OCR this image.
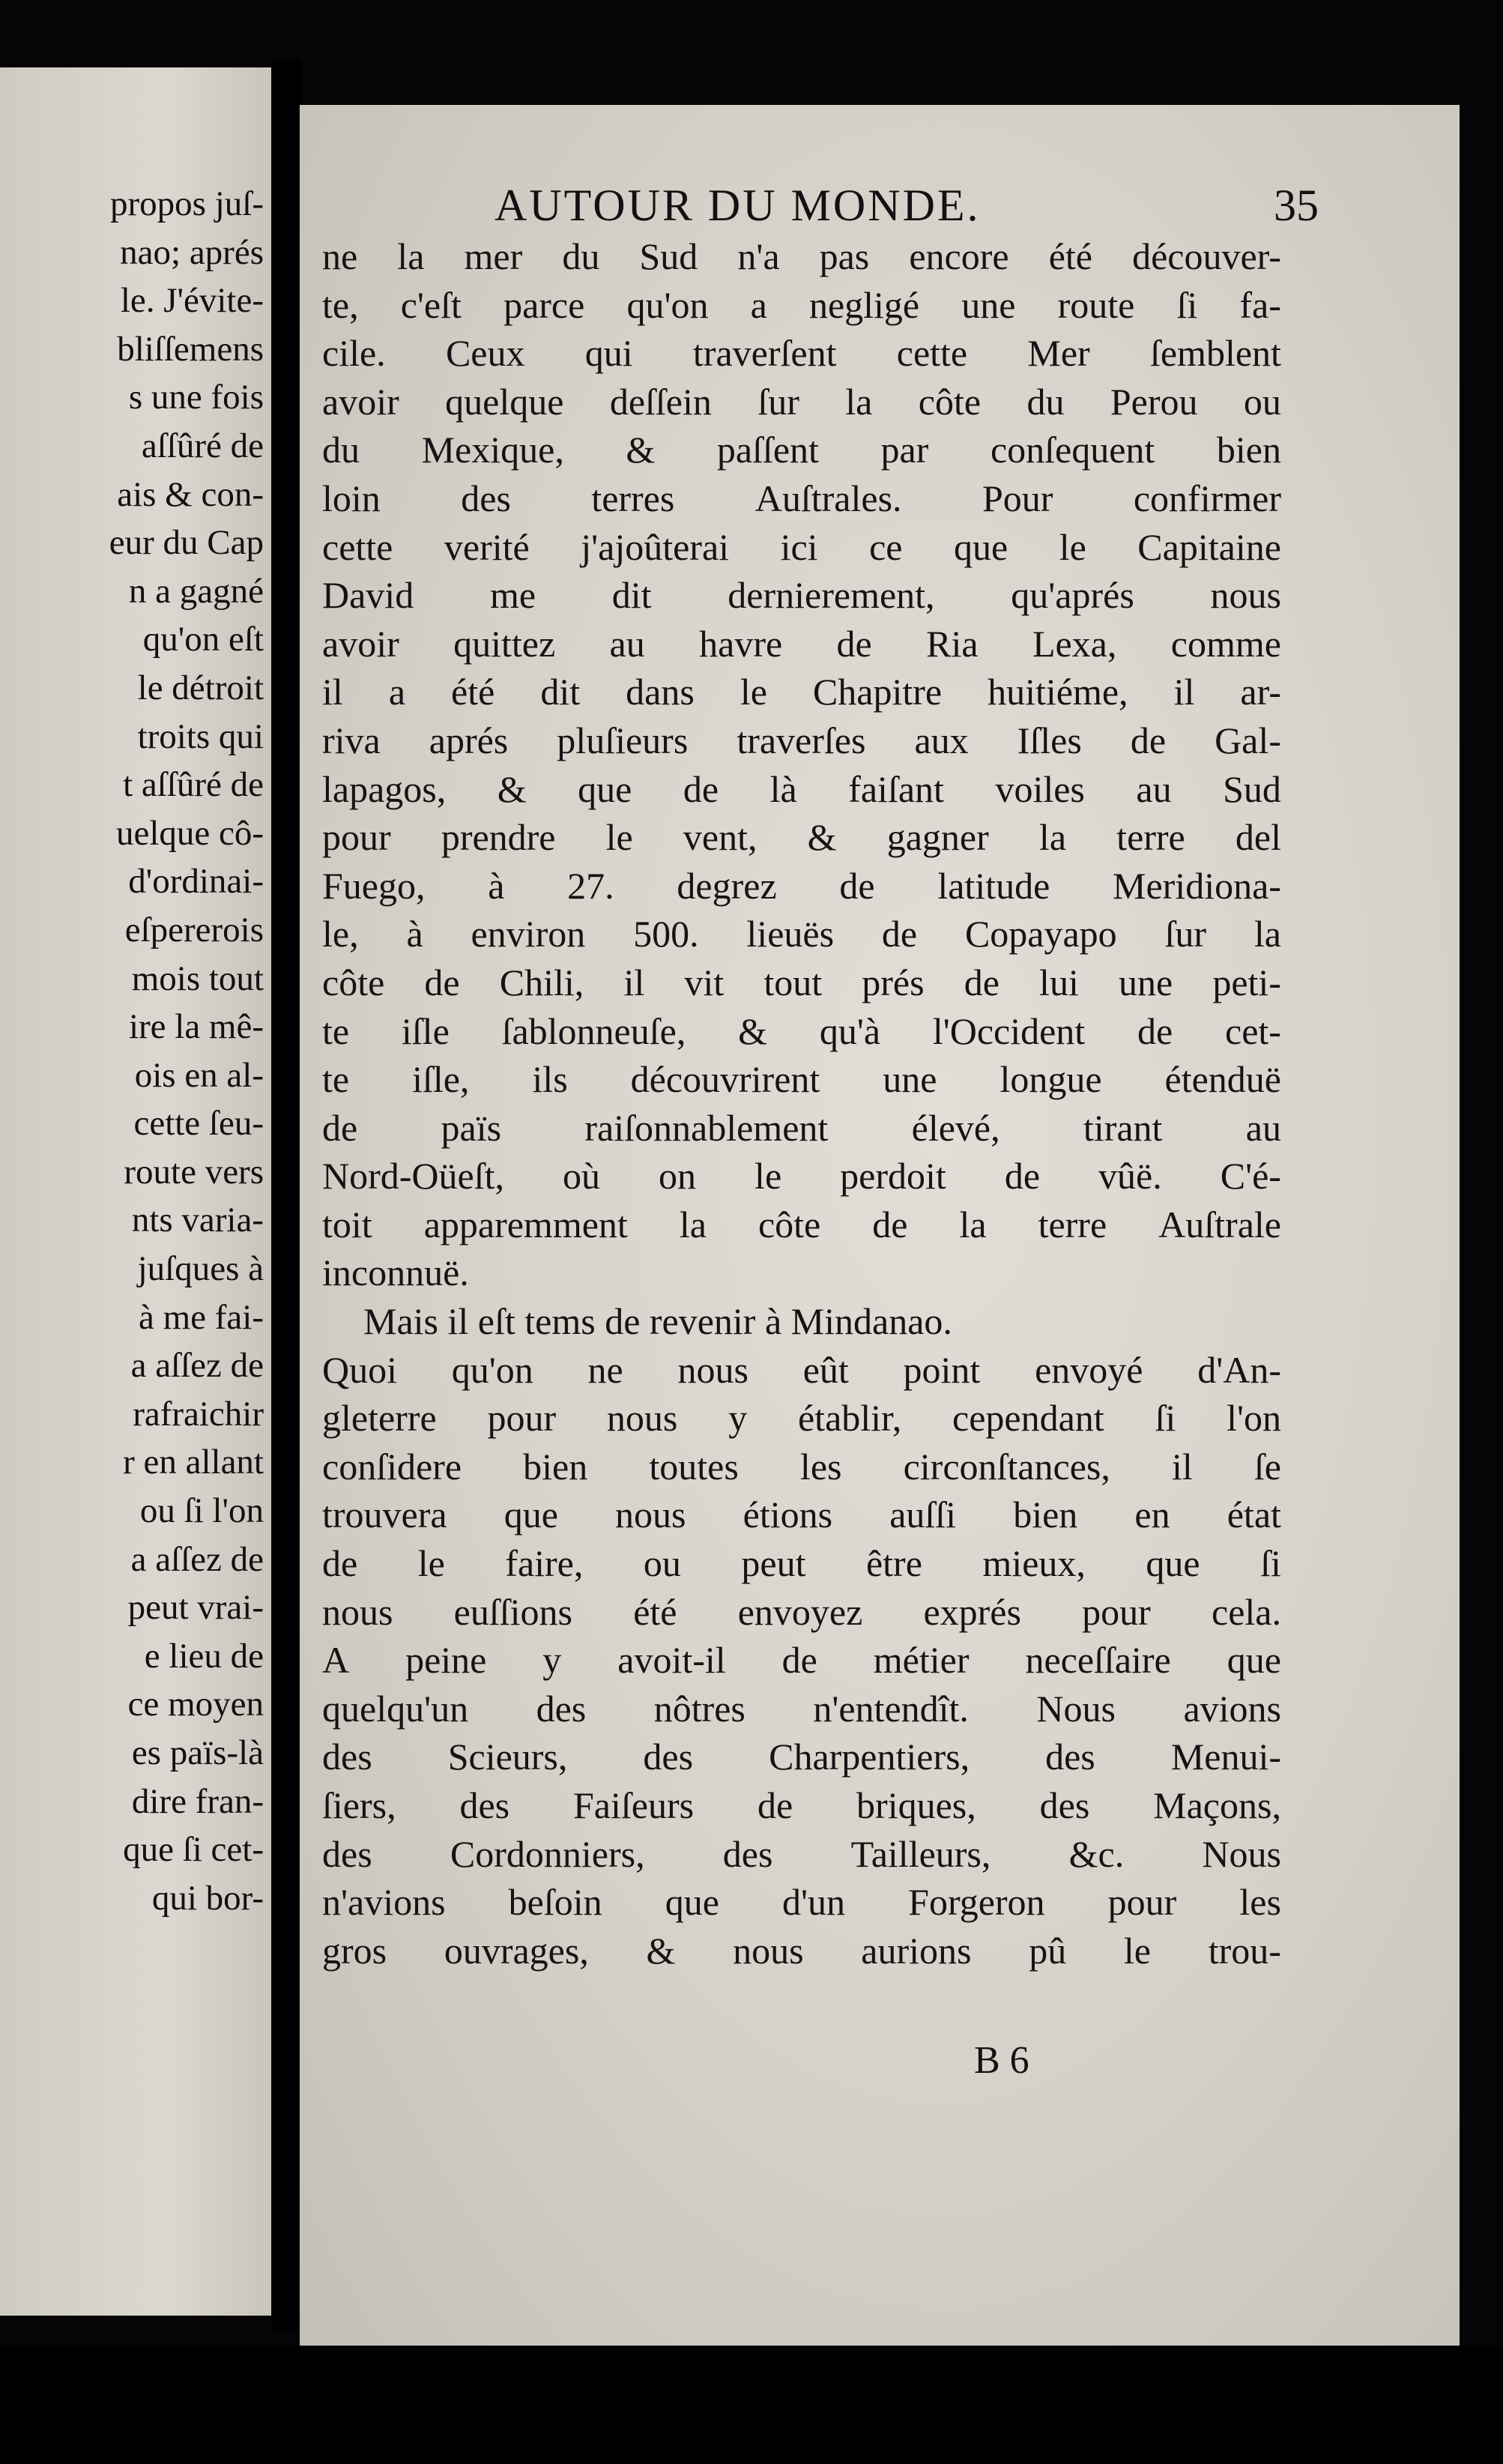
propos juſ-
nao; aprés
le. J'évite-
bliſſemens
s une fois
aſſûré de
ais & con-
eur du Cap
n a gagné
qu'on eſt
le détroit
troits qui
t aſſûré de
uelque cô-
d'ordinai-
eſpererois
mois tout
ire la mê-
ois en al-
cette ſeu-
route vers
nts varia-
juſques à
à me fai-
a aſſez de
rafraichir
r en allant
ou ſi l'on
a aſſez de
peut vrai-
e lieu de
ce moyen
es païs-là
dire fran-
que ſi cet-
qui bor-
AUTOUR DU MONDE.	35
ne la mer du Sud n'a pas encore été découver-
te, c'eſt parce qu'on a negligé une route ſi fa-
cile. Ceux qui traverſent cette Mer ſemblent
avoir quelque deſſein ſur la côte du Perou ou
du Mexique, & paſſent par conſequent bien
loin des terres Auſtrales. Pour confirmer
cette verité j'ajoûterai ici ce que le Capitaine
David me dit dernierement, qu'aprés nous
avoir quittez au havre de Ria Lexa, comme
il a été dit dans le Chapitre huitiéme, il ar-
riva aprés pluſieurs traverſes aux Iſles de Gal-
lapagos, & que de là faiſant voiles au Sud
pour prendre le vent, & gagner la terre del
Fuego, à 27. degrez de latitude Meridiona-
le, à environ 500. lieuës de Copayapo ſur la
côte de Chili, il vit tout prés de lui une peti-
te iſle ſablonneuſe, & qu'à l'Occident de cet-
te iſle, ils découvrirent une longue étenduë
de païs raiſonnablement élevé, tirant au
Nord-Oüeſt, où on le perdoit de vûë. C'é-
toit apparemment la côte de la terre Auſtrale
inconnuë.
Mais il eſt tems de revenir à Mindanao.
Quoi qu'on ne nous eût point envoyé d'An-
gleterre pour nous y établir, cependant ſi l'on
conſidere bien toutes les circonſtances, il ſe
trouvera que nous étions auſſi bien en état
de le faire, ou peut être mieux, que ſi
nous euſſions été envoyez exprés pour cela.
A peine y avoit-il de métier neceſſaire que
quelqu'un des nôtres n'entendît. Nous avions
des Scieurs, des Charpentiers, des Menui-
ſiers, des Faiſeurs de briques, des Maçons,
des Cordonniers, des Tailleurs, &c. Nous
n'avions beſoin que d'un Forgeron pour les
gros ouvrages, & nous aurions pû le trou-
B 6
